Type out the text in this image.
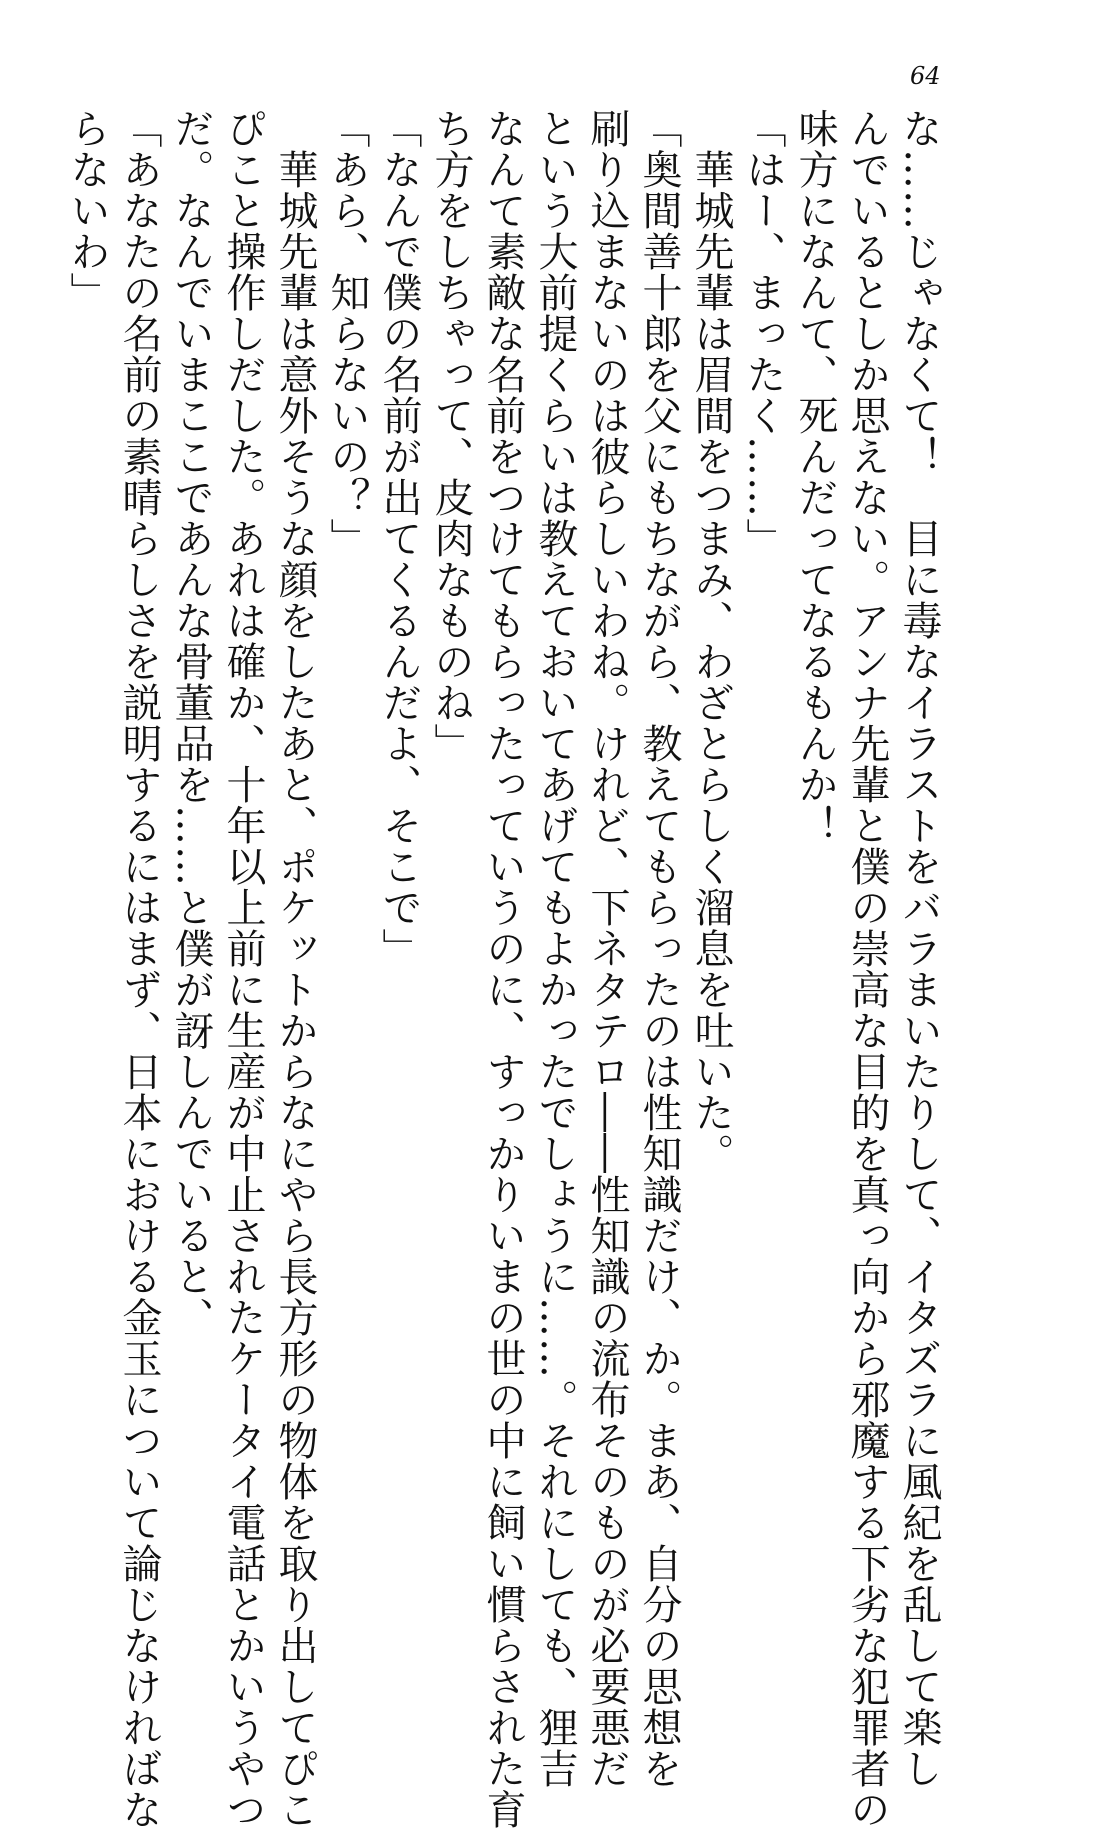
64
な……じゃなくて！　目に毒なイラストをバラまいたりして、イタズラに風紀を乱して楽し
んでいるとしか思えない。アンナ先輩と僕の崇高な目的を真っ向から邪魔する下劣な犯罪者の
味方になんて、死んだってなるもんか！
「はー、まったく……」
　華城先輩は眉間をつまみ、わざとらしく溜息を吐いた。
「奥間善十郎を父にもちながら、教えてもらったのは性知識だけ、か。まあ、自分の思想を
刷り込まないのは彼らしいわね。けれど、下ネタテロ――性知識の流布そのものが必要悪だ
という大前提くらいは教えておいてあげてもよかったでしょうに……。それにしても、狸吉
なんて素敵な名前をつけてもらったっていうのに、すっかりいまの世の中に飼い慣らされた育
ち方をしちゃって、皮肉なものね」
「なんで僕の名前が出てくるんだよ、そこで」
「あら、知らないの？」
　華城先輩は意外そうな顔をしたあと、ポケットからなにやら長方形の物体を取り出してぴこ
ぴこと操作しだした。あれは確か、十年以上前に生産が中止されたケータイ電話とかいうやつ
だ。なんでいまここであんな骨董品を……と僕が訝しんでいると、
「あなたの名前の素晴らしさを説明するにはまず、日本における金玉について論じなければな
らないわ」
